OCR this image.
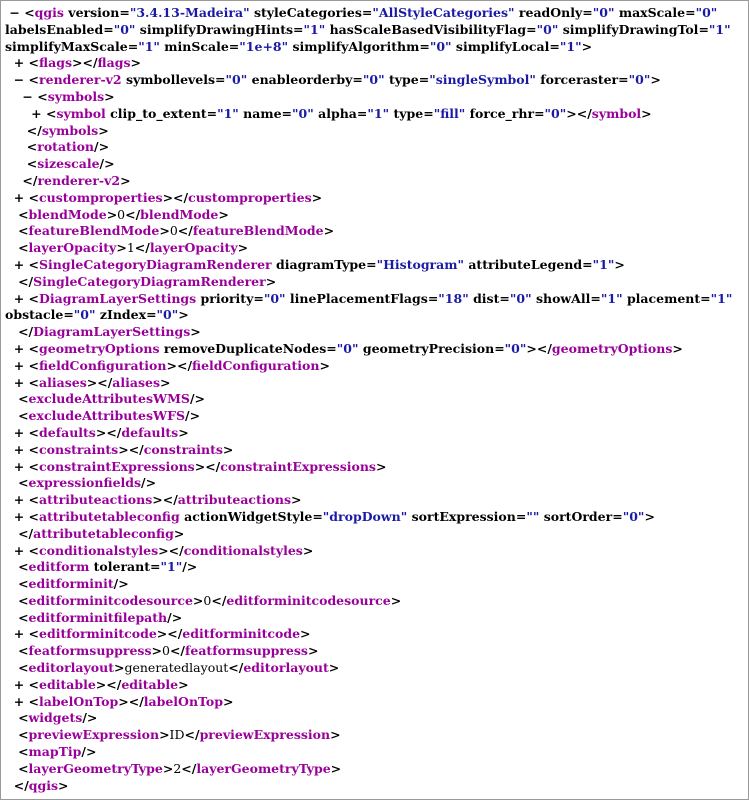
− <qgis version="3.4.13-Madeira" styleCategories="AllStyleCategories" readOnly="0" maxScale="0"
labelsEnabled="0" simplifyDrawingHints="1" hasScaleBasedVisibilityFlag="0" simplifyDrawingTol="1"
simplifyMaxScale="1" minScale="1e+8" simplifyAlgorithm="0" simplifyLocal="1">
+ <flags></flags>
− <renderer-v2 symbollevels="0" enableorderby="0" type="singleSymbol" forceraster="0">
− <symbols>
+ <symbol clip_to_extent="1" name="0" alpha="1" type="fill" force_rhr="0"></symbol>
</symbols>
<rotation/>
<sizescale/>
</renderer-v2>
+ <customproperties></customproperties>
<blendMode>0</blendMode>
<featureBlendMode>0</featureBlendMode>
<layerOpacity>1</layerOpacity>
+ <SingleCategoryDiagramRenderer diagramType="Histogram" attributeLegend="1">
</SingleCategoryDiagramRenderer>
+ <DiagramLayerSettings priority="0" linePlacementFlags="18" dist="0" showAll="1" placement="1"
obstacle="0" zIndex="0">
</DiagramLayerSettings>
+ <geometryOptions removeDuplicateNodes="0" geometryPrecision="0"></geometryOptions>
+ <fieldConfiguration></fieldConfiguration>
+ <aliases></aliases>
<excludeAttributesWMS/>
<excludeAttributesWFS/>
+ <defaults></defaults>
+ <constraints></constraints>
+ <constraintExpressions></constraintExpressions>
<expressionfields/>
+ <attributeactions></attributeactions>
+ <attributetableconfig actionWidgetStyle="dropDown" sortExpression="" sortOrder="0">
</attributetableconfig>
+ <conditionalstyles></conditionalstyles>
<editform tolerant="1"/>
<editforminit/>
<editforminitcodesource>0</editforminitcodesource>
<editforminitfilepath/>
+ <editforminitcode></editforminitcode>
<featformsuppress>0</featformsuppress>
<editorlayout>generatedlayout</editorlayout>
+ <editable></editable>
+ <labelOnTop></labelOnTop>
<widgets/>
<previewExpression>ID</previewExpression>
<mapTip/>
<layerGeometryType>2</layerGeometryType>
</qgis>
